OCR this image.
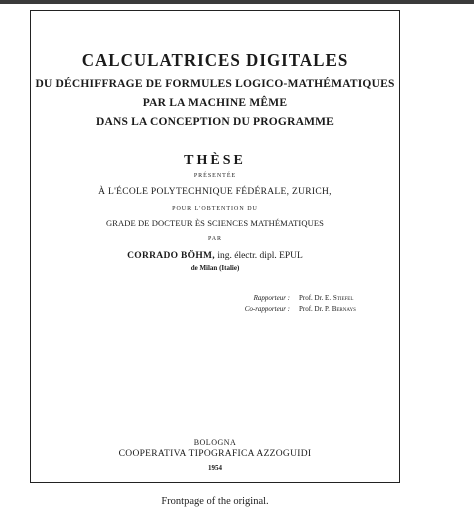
CALCULATRICES DIGITALES

DU DÉCHIFFRAGE DE FORMULES LOGICO-MATHÉMATIQUES

PAR LA MACHINE MÊME

DANS LA CONCEPTION DU PROGRAMME

THÈSE

PRÉSENTÉE

À L'ÉCOLE POLYTECHNIQUE FÉDÉRALE, ZURICH,

POUR L'OBTENTION DU

GRADE DE DOCTEUR ÈS SCIENCES MATHÉMATIQUES

PAR

CORRADO BÖHM, ing. électr. dipl. EPUL

de Milan (Italie)

Rapporteur : Prof. Dr. E. Stiefel
Co-rapporteur : Prof. Dr. P. Bernays

BOLOGNA

COOPERATIVA TIPOGRAFICA AZZOGUIDI

1954

Frontpage of the original.
